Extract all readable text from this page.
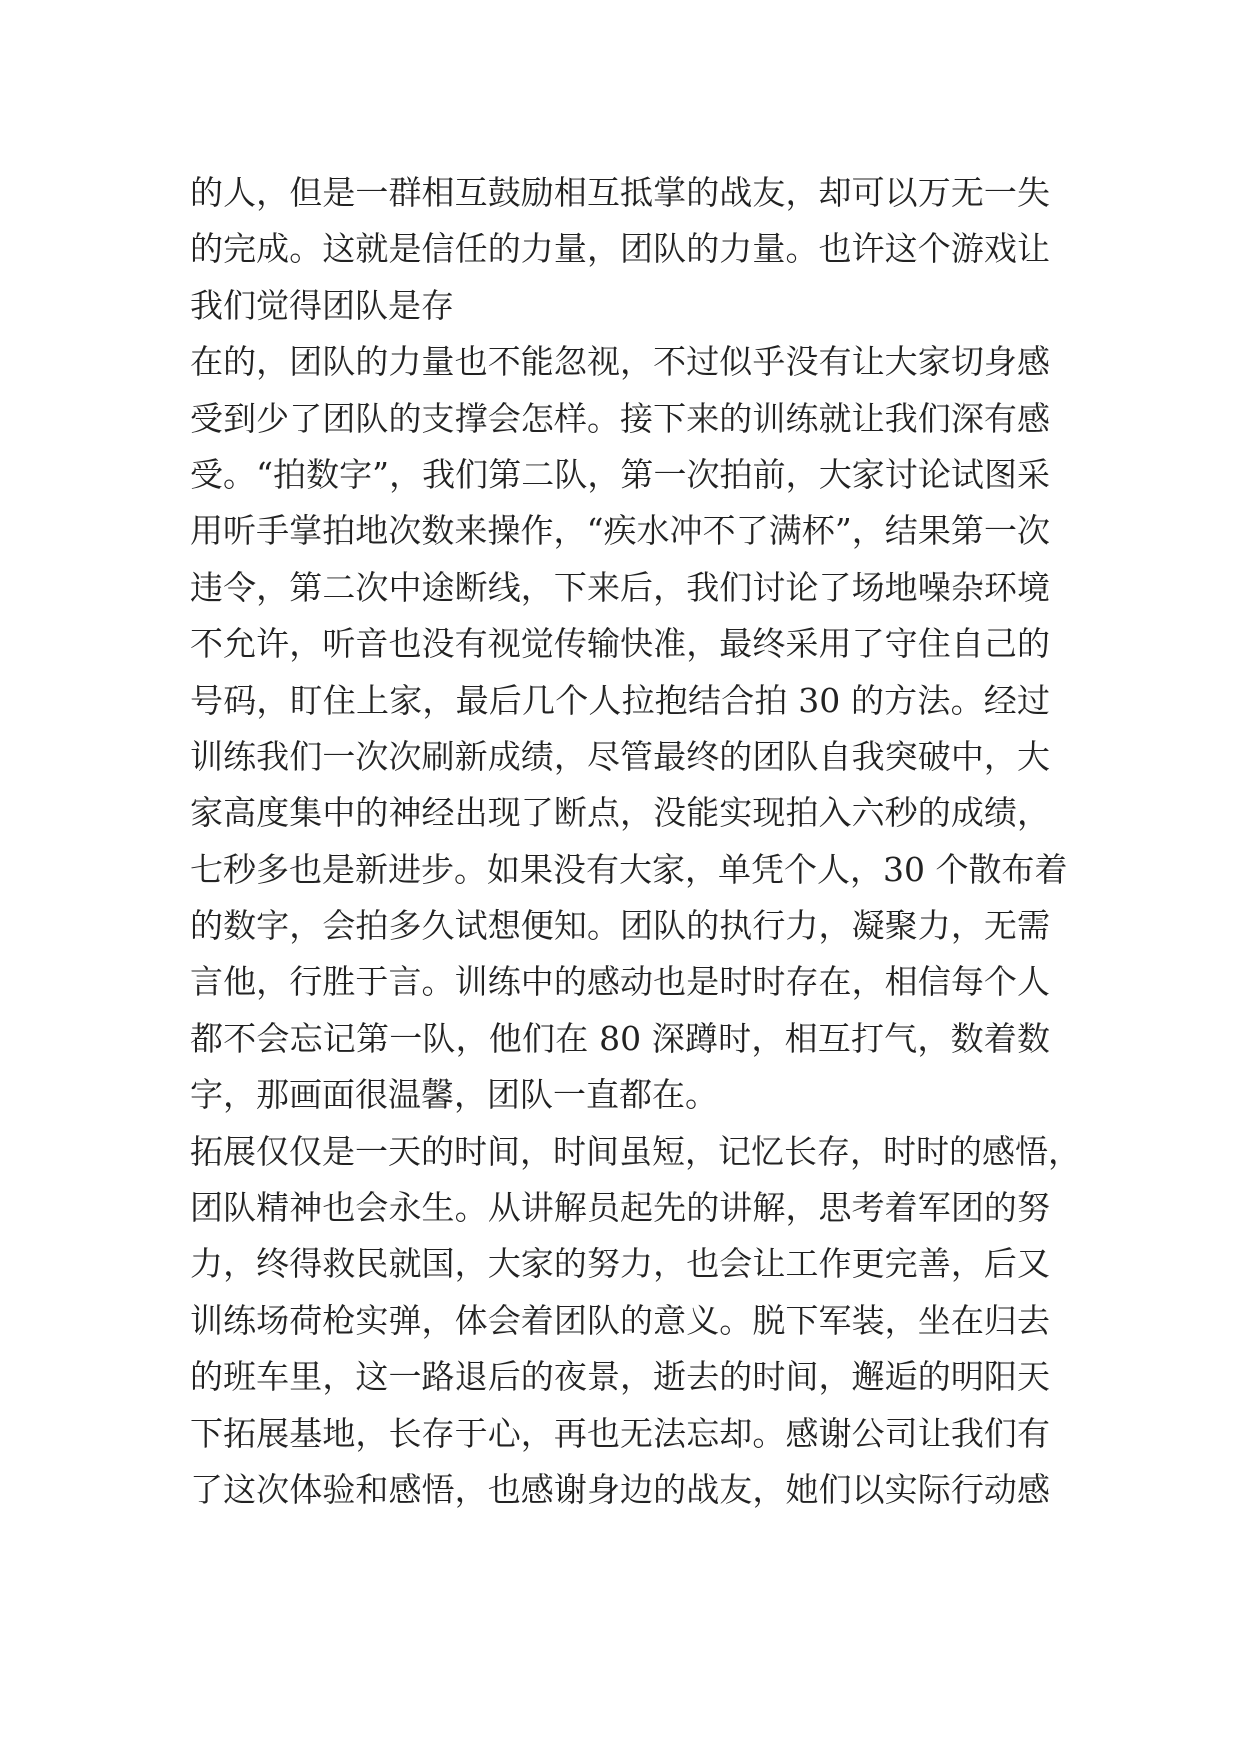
的人，但是一群相互鼓励相互抵掌的战友，却可以万无一失
的完成。这就是信任的力量，团队的力量。也许这个游戏让
我们觉得团队是存
在的，团队的力量也不能忽视，不过似乎没有让大家切身感
受到少了团队的支撑会怎样。接下来的训练就让我们深有感
受。“拍数字”，我们第二队，第一次拍前，大家讨论试图采
用听手掌拍地次数来操作，“疾水冲不了满杯”，结果第一次
违令，第二次中途断线，下来后，我们讨论了场地噪杂环境
不允许，听音也没有视觉传输快准，最终采用了守住自己的
号码，盯住上家，最后几个人拉抱结合拍 30 的方法。经过
训练我们一次次刷新成绩，尽管最终的团队自我突破中，大
家高度集中的神经出现了断点，没能实现拍入六秒的成绩，
七秒多也是新进步。如果没有大家，单凭个人，30 个散布着
的数字，会拍多久试想便知。团队的执行力，凝聚力，无需
言他，行胜于言。训练中的感动也是时时存在，相信每个人
都不会忘记第一队，他们在 80 深蹲时，相互打气，数着数
字，那画面很温馨，团队一直都在。
拓展仅仅是一天的时间，时间虽短，记忆长存，时时的感悟，
团队精神也会永生。从讲解员起先的讲解，思考着军团的努
力，终得救民就国，大家的努力，也会让工作更完善，后又
训练场荷枪实弹，体会着团队的意义。脱下军装，坐在归去
的班车里，这一路退后的夜景，逝去的时间，邂逅的明阳天
下拓展基地，长存于心，再也无法忘却。感谢公司让我们有
了这次体验和感悟，也感谢身边的战友，她们以实际行动感
